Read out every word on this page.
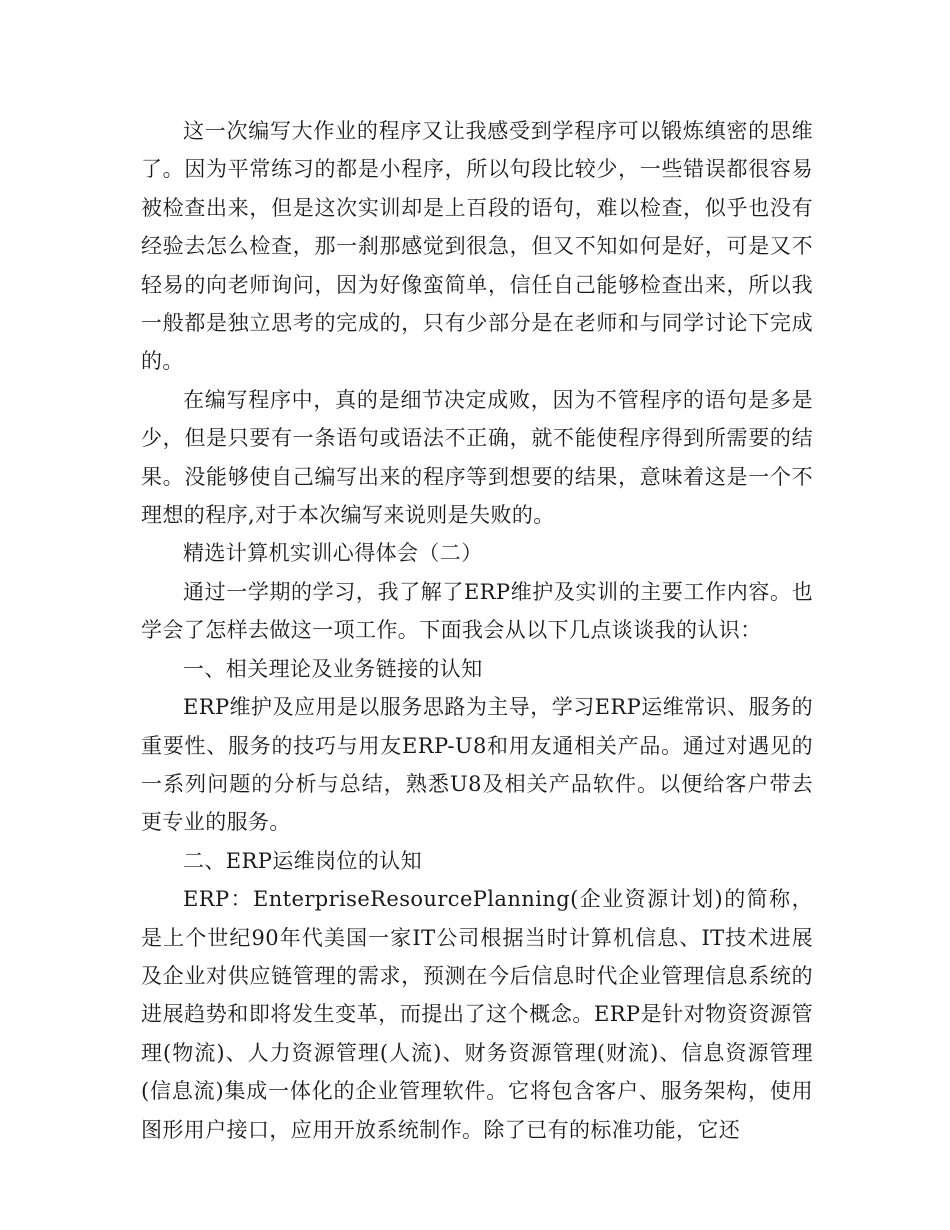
这一次编写大作业的程序又让我感受到学程序可以锻炼缜密的思维了。因为平常练习的都是小程序，所以句段比较少，一些错误都很容易被检查出来，但是这次实训却是上百段的语句，难以检查，似乎也没有经验去怎么检查，那一刹那感觉到很急，但又不知如何是好，可是又不轻易的向老师询问，因为好像蛮简单，信任自己能够检查出来，所以我一般都是独立思考的完成的，只有少部分是在老师和与同学讨论下完成的。

在编写程序中，真的是细节决定成败，因为不管程序的语句是多是少，但是只要有一条语句或语法不正确，就不能使程序得到所需要的结果。没能够使自己编写出来的程序等到想要的结果，意味着这是一个不理想的程序,对于本次编写来说则是失败的。

精选计算机实训心得体会（二）

通过一学期的学习，我了解了ERP维护及实训的主要工作内容。也学会了怎样去做这一项工作。下面我会从以下几点谈谈我的认识：

一、相关理论及业务链接的认知

ERP维护及应用是以服务思路为主导，学习ERP运维常识、服务的重要性、服务的技巧与用友ERP-U8和用友通相关产品。通过对遇见的一系列问题的分析与总结，熟悉U8及相关产品软件。以便给客户带去更专业的服务。

二、ERP运维岗位的认知

ERP：EnterpriseResourcePlanning(企业资源计划)的简称，是上个世纪90年代美国一家IT公司根据当时计算机信息、IT技术进展及企业对供应链管理的需求，预测在今后信息时代企业管理信息系统的进展趋势和即将发生变革，而提出了这个概念。ERP是针对物资资源管理(物流)、人力资源管理(人流)、财务资源管理(财流)、信息资源管理(信息流)集成一体化的企业管理软件。它将包含客户、服务架构，使用图形用户接口，应用开放系统制作。除了已有的标准功能，它还
